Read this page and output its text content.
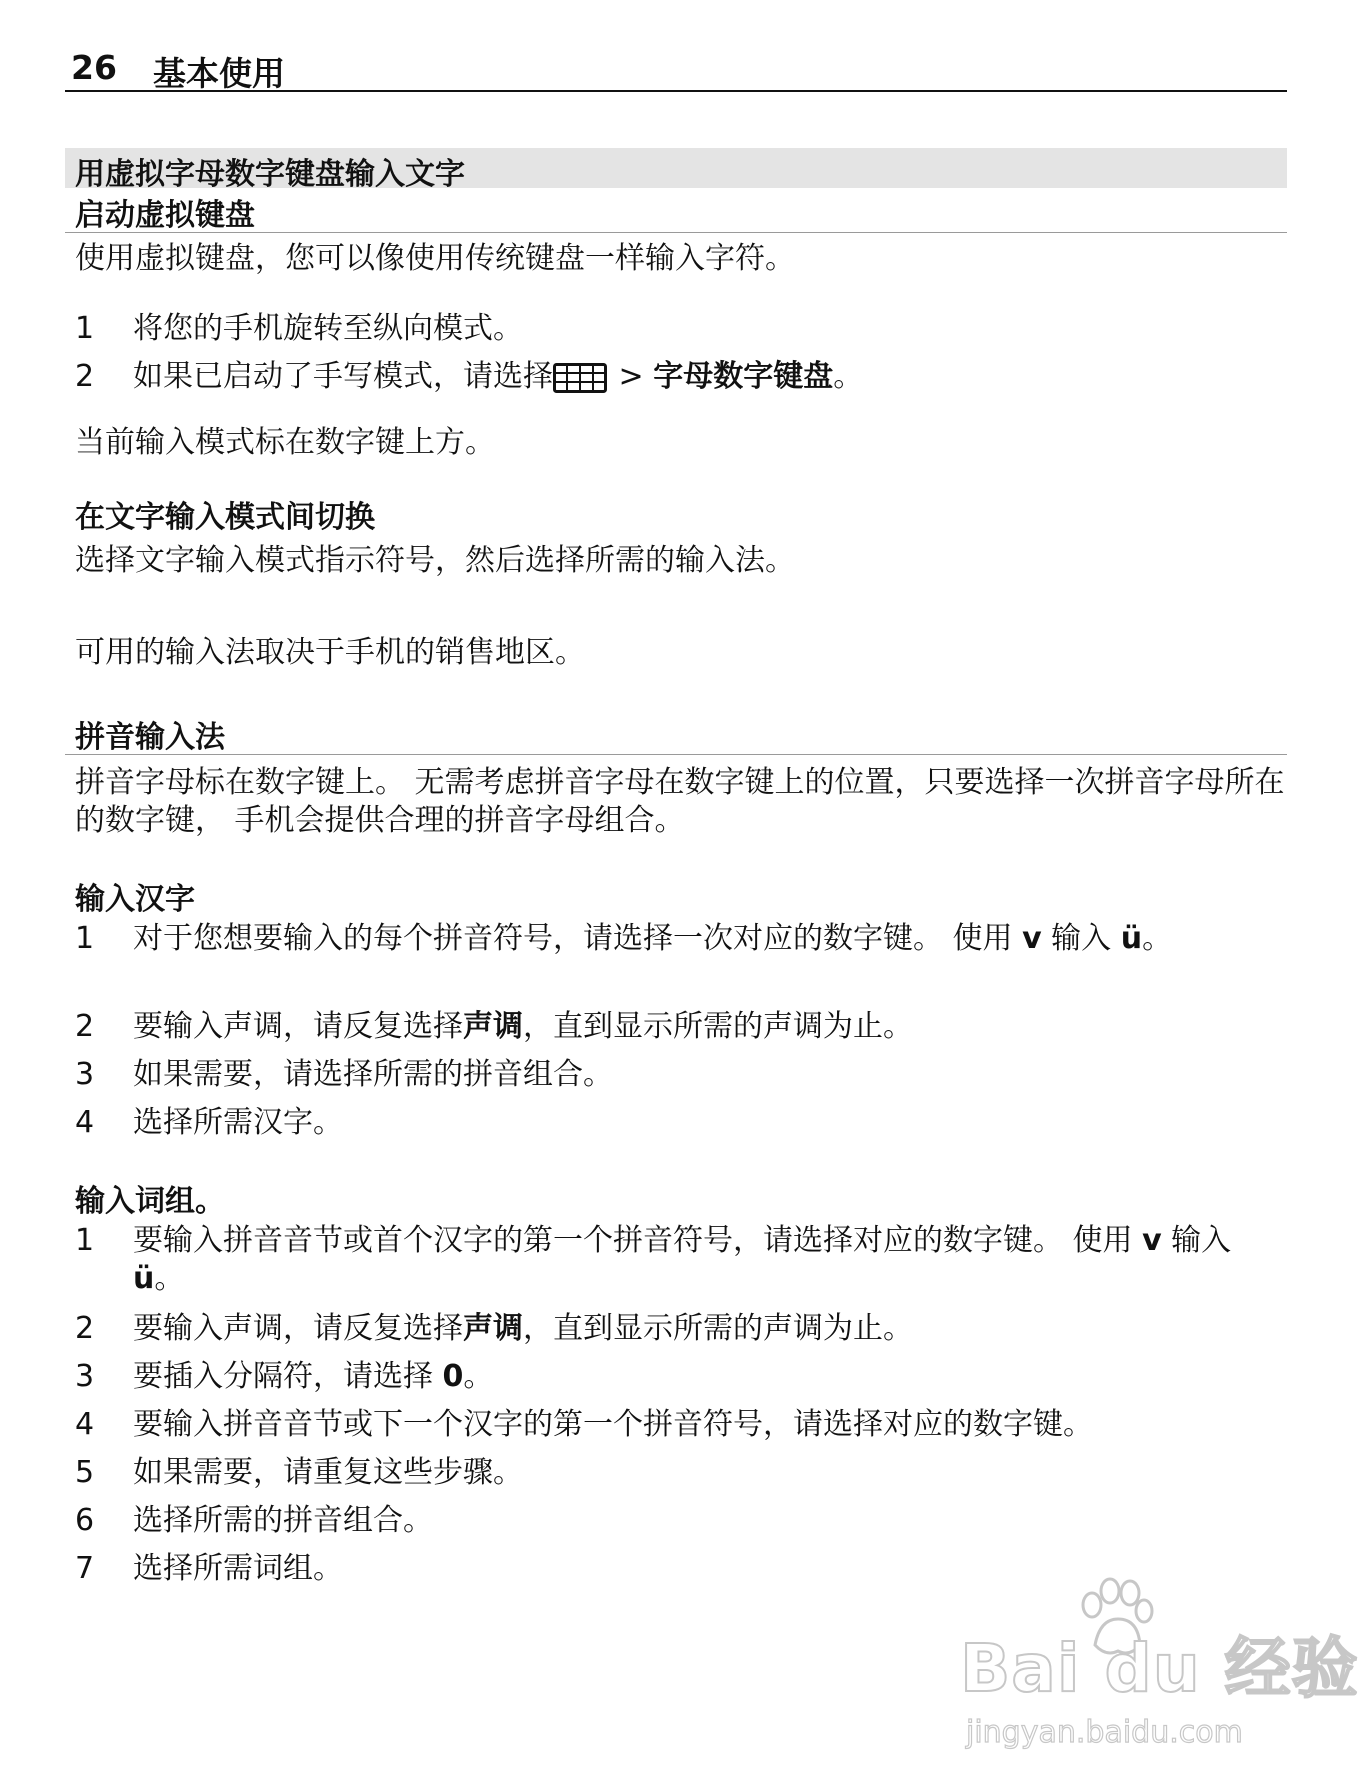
26 基本使用
用虚拟字母数字键盘输入文字
启动虚拟键盘
使用虚拟键盘，您可以像使用传统键盘一样输入字符。
1 将您的手机旋转至纵向模式。
2 如果已启动了手写模式，请选择 > 字母数字键盘。
当前输入模式标在数字键上方。
在文字输入模式间切换
选择文字输入模式指示符号，然后选择所需的输入法。
可用的输入法取决于手机的销售地区。
拼音输入法
拼音字母标在数字键上。 无需考虑拼音字母在数字键上的位置，只要选择一次拼音字母所在的数字键， 手机会提供合理的拼音字母组合。
输入汉字
1 对于您想要输入的每个拼音符号，请选择一次对应的数字键。 使用 v 输入 ü。
2 要输入声调，请反复选择声调，直到显示所需的声调为止。
3 如果需要，请选择所需的拼音组合。
4 选择所需汉字。
输入词组。
1 要输入拼音音节或首个汉字的第一个拼音符号，请选择对应的数字键。 使用 v 输入 ü。
2 要输入声调，请反复选择声调，直到显示所需的声调为止。
3 要插入分隔符，请选择 0。
4 要输入拼音音节或下一个汉字的第一个拼音符号，请选择对应的数字键。
5 如果需要，请重复这些步骤。
6 选择所需的拼音组合。
7 选择所需词组。
Bai du 经验
jingyan.baidu.com
